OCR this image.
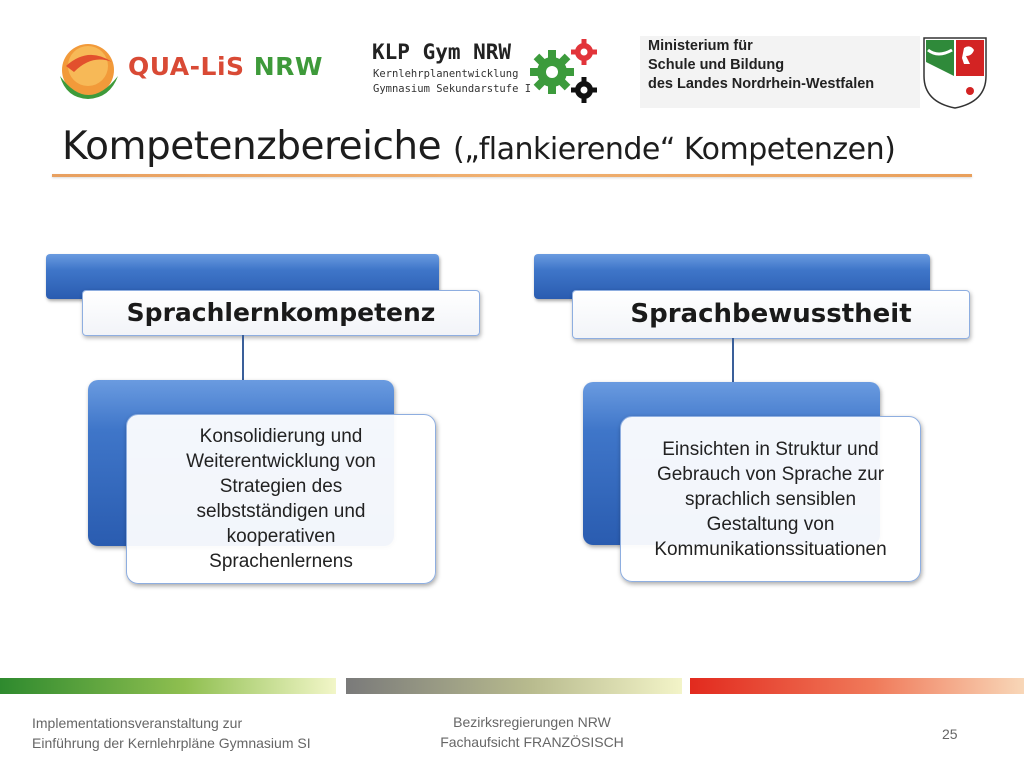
QUA-LiS NRW KLP Gym NRW
Kernlehrplanentwicklung
Gymnasium Sekundarstufe I
Ministerium für
Schule und Bildung
des Landes Nordrhein-Westfalen
Kompetenzbereiche („flankierende“ Kompetenzen)
Sprachlernkompetenz
Konsolidierung und
Weiterentwicklung von
Strategien des
selbstständigen und
kooperativen
Sprachenlernens
Sprachbewusstheit
Einsichten in Struktur und
Gebrauch von Sprache zur
sprachlich sensiblen
Gestaltung von
Kommunikationssituationen
Implementationsveranstaltung zur
Einführung der Kernlehrpläne Gymnasium SI
Bezirksregierungen NRW
Fachaufsicht FRANZÖSISCH	25
